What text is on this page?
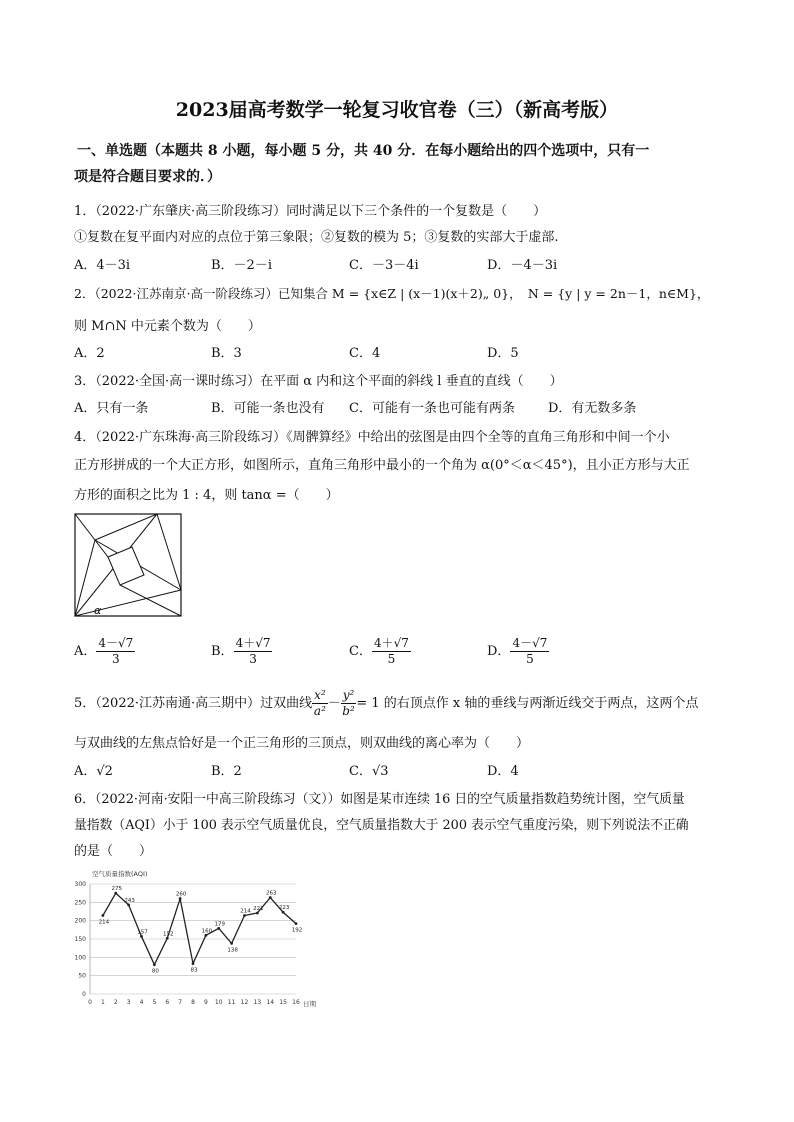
2023届高考数学一轮复习收官卷（三）（新高考版）
一、单选题（本题共 8 小题，每小题 5 分，共 40 分．在每小题给出的四个选项中，只有一
项是符合题目要求的．）
1．（2022·广东肇庆·高三阶段练习）同时满足以下三个条件的一个复数是（　　）
①复数在复平面内对应的点位于第三象限；②复数的模为 5；③复数的实部大于虚部.
A．4－3i	B．－2－i	C．－3－4i	D．－4－3i
2．（2022·江苏南京·高一阶段练习）已知集合 M = {x∈Z | (x－1)(x＋2)„ 0}，　N = {y | y = 2n－1，n∈M}，
则 M∩N 中元素个数为（　　）
A．2	B．3	C．4	D．5
3．（2022·全国·高一课时练习）在平面 α 内和这个平面的斜线 l 垂直的直线（　　）
A．只有一条	B．可能一条也没有 C．可能有一条也可能有两条	D．有无数多条
4．（2022·广东珠海·高三阶段练习）《周髀算经》中给出的弦图是由四个全等的直角三角形和中间一个小
正方形拼成的一个大正方形，如图所示，直角三角形中最小的一个角为 α(0°＜α＜45°)，且小正方形与大正
方形的面积之比为 1 : 4，则 tanα =（　　）
α
A． $\frac{4-√7}{3}$	B． $\frac{4+√7}{3}$	C． $\frac{4+√7}{5}$	D． $\frac{4-√7}{5}$
5．（2022·江苏南通·高三期中）过双曲线 $\frac{\text{x²}}{\text{a²}} - \frac{\text{y²}}{\text{b²}} = 1$ 的右顶点作 x 轴的垂线与两渐近线交于两点，这两个点
与双曲线的左焦点恰好是一个正三角形的三顶点，则双曲线的离心率为（　　）
A．√2	B．2	C．√3	D．4
6．（2022·河南·安阳一中高三阶段练习（文））如图是某市连续 16 日的空气质量指数趋势统计图，空气质量
量指数（AQI）小于 100 表示空气质量优良，空气质量指数大于 200 表示空气重度污染，则下列说法不正确
的是（　　）
空气质量指数(AQI)
0
50
100
150
200
250
300
0 1 2 3 4 5 6 7 8 9 10 11 12 13 14 15 16
214
275
243
157
80
152
260
83
160
179
138
214 221
263
223
192
日期
